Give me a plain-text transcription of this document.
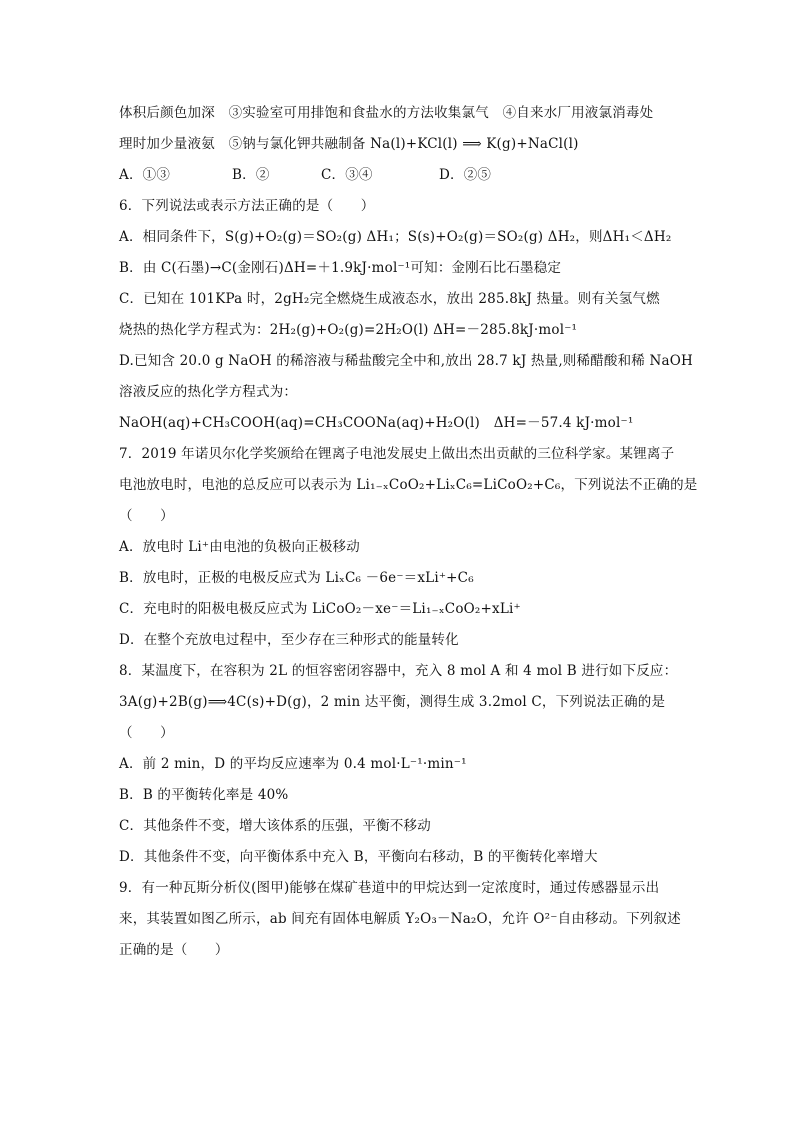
体积后颜色加深　③实验室可用排饱和食盐水的方法收集氯气　④自来水厂用液氯消毒处
理时加少量液氨　⑤钠与氯化钾共融制备 Na(l)+KCl(l) ⟹ K(g)+NaCl(l)
A．①③	B．②	C．③④	D．②⑤
6．下列说法或表示方法正确的是（　　）
A．相同条件下，S(g)+O₂(g)＝SO₂(g) ΔH₁；S(s)+O₂(g)＝SO₂(g) ΔH₂，则ΔH₁＜ΔH₂
B．由 C(石墨)→C(金刚石)ΔH=＋1.9kJ·mol⁻¹可知：金刚石比石墨稳定
C．已知在 101KPa 时，2gH₂完全燃烧生成液态水，放出 285.8kJ 热量。则有关氢气燃
烧热的热化学方程式为：2H₂(g)+O₂(g)=2H₂O(l) ΔH=－285.8kJ·mol⁻¹
D.已知含 20.0 g NaOH 的稀溶液与稀盐酸完全中和,放出 28.7 kJ 热量,则稀醋酸和稀 NaOH
溶液反应的热化学方程式为：
NaOH(aq)+CH₃COOH(aq)=CH₃COONa(aq)+H₂O(l)　ΔH=－57.4 kJ·mol⁻¹
7．2019 年诺贝尔化学奖颁给在锂离子电池发展史上做出杰出贡献的三位科学家。某锂离子
电池放电时，电池的总反应可以表示为 Li₁₋ₓCoO₂+LiₓC₆=LiCoO₂+C₆，下列说法不正确的是
（　　）
A．放电时 Li⁺由电池的负极向正极移动
B．放电时，正极的电极反应式为 LiₓC₆ －6e⁻＝xLi⁺+C₆
C．充电时的阳极电极反应式为 LiCoO₂－xe⁻＝Li₁₋ₓCoO₂+xLi⁺
D．在整个充放电过程中，至少存在三种形式的能量转化
8．某温度下，在容积为 2L 的恒容密闭容器中，充入 8 mol A 和 4 mol B 进行如下反应：
3A(g)+2B(g)⟹4C(s)+D(g)，2 min 达平衡，测得生成 3.2mol C，下列说法正确的是
（　　）
A．前 2 min，D 的平均反应速率为 0.4 mol·L⁻¹·min⁻¹
B．B 的平衡转化率是 40%
C．其他条件不变，增大该体系的压强，平衡不移动
D．其他条件不变，向平衡体系中充入 B，平衡向右移动，B 的平衡转化率增大
9．有一种瓦斯分析仪(图甲)能够在煤矿巷道中的甲烷达到一定浓度时，通过传感器显示出
来，其装置如图乙所示，ab 间充有固体电解质 Y₂O₃－Na₂O，允许 O²⁻自由移动。下列叙述
正确的是（　　）
